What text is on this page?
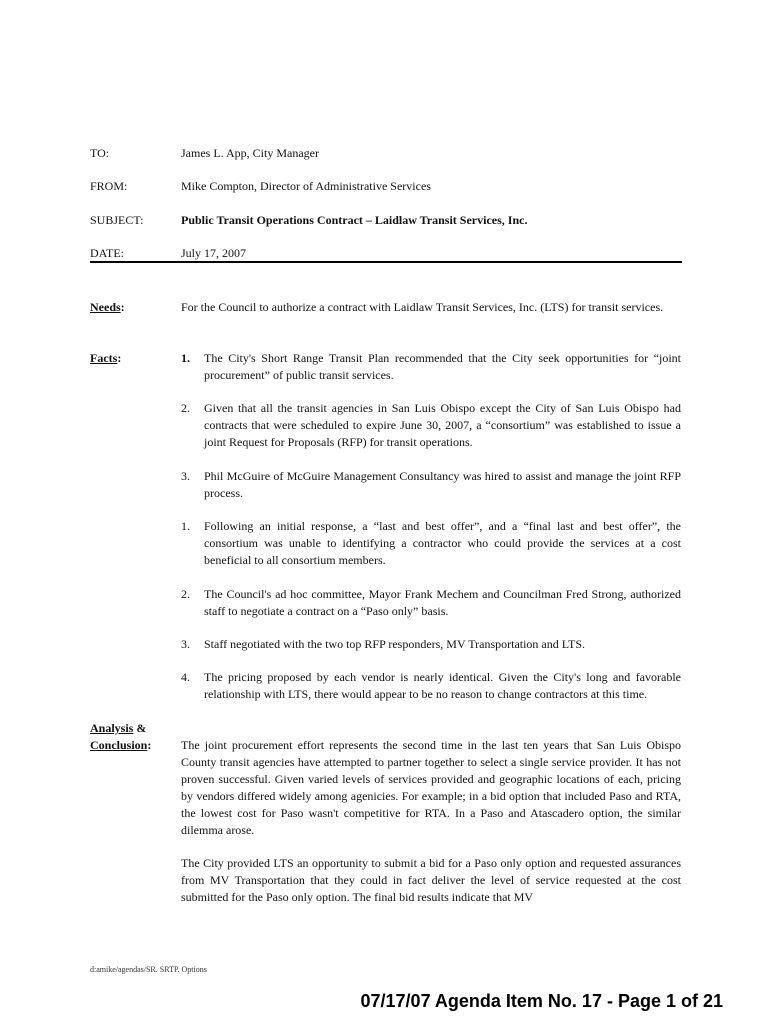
TO:	James L. App, City Manager
FROM:	Mike Compton, Director of Administrative Services
SUBJECT:	Public Transit Operations Contract – Laidlaw Transit Services, Inc.
DATE:	July 17, 2007
Needs:	For the Council to authorize a contract with Laidlaw Transit Services, Inc. (LTS) for transit services.
Facts:	1. The City's Short Range Transit Plan recommended that the City seek opportunities for “joint procurement” of public transit services.
2. Given that all the transit agencies in San Luis Obispo except the City of San Luis Obispo had contracts that were scheduled to expire June 30, 2007, a “consortium” was established to issue a joint Request for Proposals (RFP) for transit operations.
3. Phil McGuire of McGuire Management Consultancy was hired to assist and manage the joint RFP process.
1. Following an initial response, a “last and best offer”, and a “final last and best offer”, the consortium was unable to identifying a contractor who could provide the services at a cost beneficial to all consortium members.
2. The Council's ad hoc committee, Mayor Frank Mechem and Councilman Fred Strong, authorized staff to negotiate a contract on a “Paso only” basis.
3. Staff negotiated with the two top RFP responders, MV Transportation and LTS.
4. The pricing proposed by each vendor is nearly identical. Given the City's long and favorable relationship with LTS, there would appear to be no reason to change contractors at this time.
Analysis &
Conclusion: The joint procurement effort represents the second time in the last ten years that San Luis Obispo County transit agencies have attempted to partner together to select a single service provider. It has not proven successful. Given varied levels of services provided and geographic locations of each, pricing by vendors differed widely among agenicies. For example; in a bid option that included Paso and RTA, the lowest cost for Paso wasn't competitive for RTA. In a Paso and Atascadero option, the similar dilemma arose.
The City provided LTS an opportunity to submit a bid for a Paso only option and requested assurances from MV Transportation that they could in fact deliver the level of service requested at the cost submitted for the Paso only option. The final bid results indicate that MV
d:amike/agendas/SR. SRTP. Options
07/17/07 Agenda Item No. 17 - Page 1 of 21
